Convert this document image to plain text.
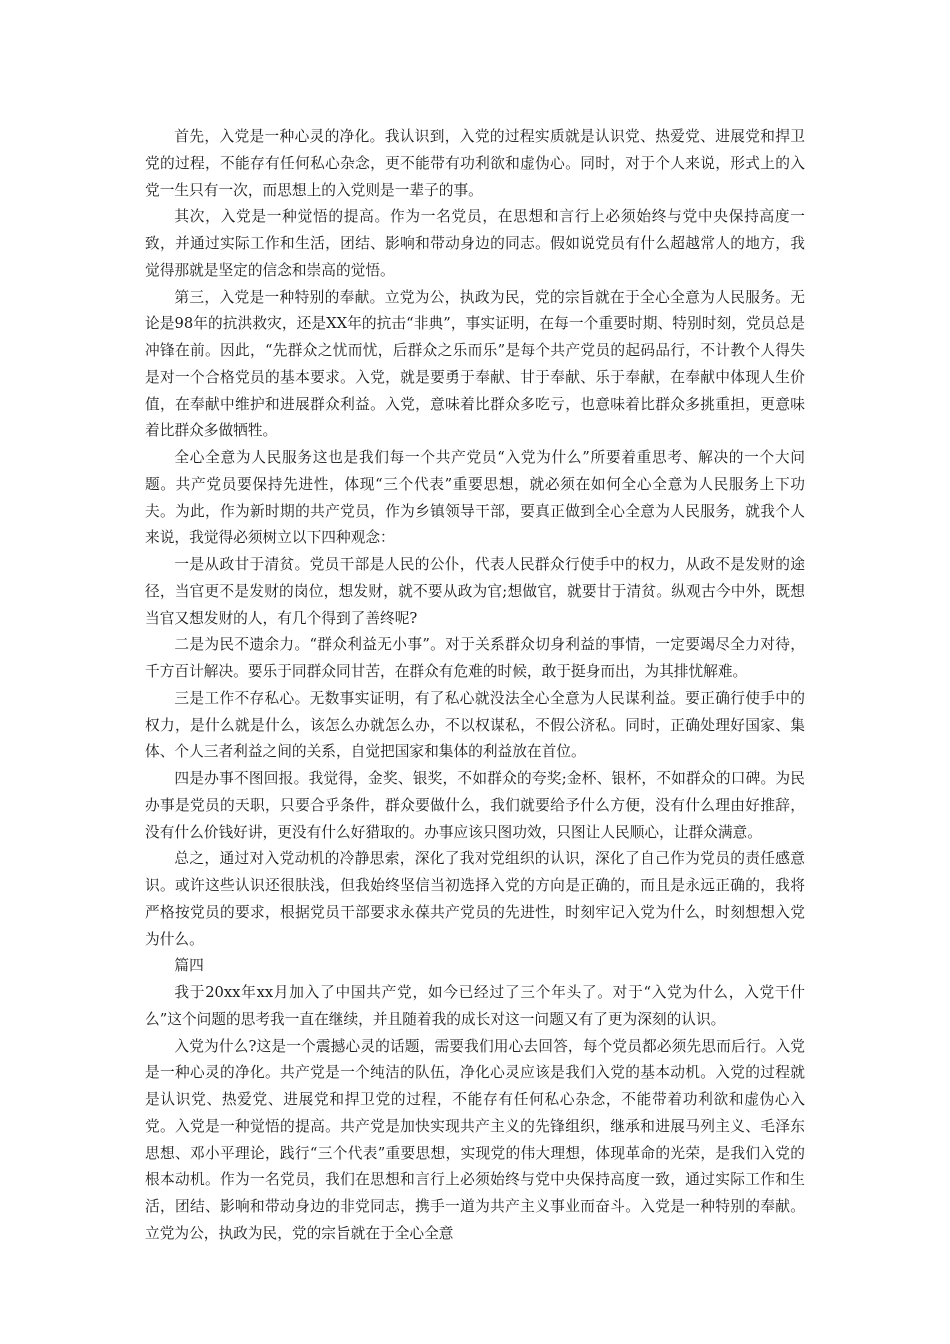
首先，入党是一种心灵的净化。我认识到，入党的过程实质就是认识党、热爱党、进展党和捍卫党的过程，不能存有任何私心杂念，更不能带有功利欲和虚伪心。同时，对于个人来说，形式上的入党一生只有一次，而思想上的入党则是一辈子的事。

其次，入党是一种觉悟的提高。作为一名党员，在思想和言行上必须始终与党中央保持高度一致，并通过实际工作和生活，团结、影响和带动身边的同志。假如说党员有什么超越常人的地方，我觉得那就是坚定的信念和崇高的觉悟。

第三，入党是一种特别的奉献。立党为公，执政为民，党的宗旨就在于全心全意为人民服务。无论是98年的抗洪救灾，还是XX年的抗击“非典”，事实证明，在每一个重要时期、特别时刻，党员总是冲锋在前。因此，“先群众之忧而忧，后群众之乐而乐”是每个共产党员的起码品行，不计教个人得失是对一个合格党员的基本要求。入党，就是要勇于奉献、甘于奉献、乐于奉献，在奉献中体现人生价值，在奉献中维护和进展群众利益。入党，意味着比群众多吃亏，也意味着比群众多挑重担，更意味着比群众多做牺牲。

全心全意为人民服务这也是我们每一个共产党员“入党为什么”所要着重思考、解决的一个大问题。共产党员要保持先进性，体现“三个代表”重要思想，就必须在如何全心全意为人民服务上下功夫。为此，作为新时期的共产党员，作为乡镇领导干部，要真正做到全心全意为人民服务，就我个人来说，我觉得必须树立以下四种观念：

一是从政甘于清贫。党员干部是人民的公仆，代表人民群众行使手中的权力，从政不是发财的途径，当官更不是发财的岗位，想发财，就不要从政为官;想做官，就要甘于清贫。纵观古今中外，既想当官又想发财的人，有几个得到了善终呢?

二是为民不遗余力。“群众利益无小事”。对于关系群众切身利益的事情，一定要竭尽全力对待，千方百计解决。要乐于同群众同甘苦，在群众有危难的时候，敢于挺身而出，为其排忧解难。

三是工作不存私心。无数事实证明，有了私心就没法全心全意为人民谋利益。要正确行使手中的权力，是什么就是什么，该怎么办就怎么办，不以权谋私，不假公济私。同时，正确处理好国家、集体、个人三者利益之间的关系，自觉把国家和集体的利益放在首位。

四是办事不图回报。我觉得，金奖、银奖，不如群众的夸奖;金杯、银杯，不如群众的口碑。为民办事是党员的天职，只要合乎条件，群众要做什么，我们就要给予什么方便，没有什么理由好推辞，没有什么价钱好讲，更没有什么好猎取的。办事应该只图功效，只图让人民顺心，让群众满意。

总之，通过对入党动机的冷静思索，深化了我对党组织的认识，深化了自己作为党员的责任感意识。或许这些认识还很肤浅，但我始终坚信当初选择入党的方向是正确的，而且是永远正确的，我将严格按党员的要求，根据党员干部要求永葆共产党员的先进性，时刻牢记入党为什么，时刻想想入党为什么。

篇四

我于20xx年xx月加入了中国共产党，如今已经过了三个年头了。对于“入党为什么，入党干什么”这个问题的思考我一直在继续，并且随着我的成长对这一问题又有了更为深刻的认识。

入党为什么?这是一个震撼心灵的话题，需要我们用心去回答，每个党员都必须先思而后行。入党是一种心灵的净化。共产党是一个纯洁的队伍，净化心灵应该是我们入党的基本动机。入党的过程就是认识党、热爱党、进展党和捍卫党的过程，不能存有任何私心杂念，不能带着功利欲和虚伪心入党。入党是一种觉悟的提高。共产党是加快实现共产主义的先锋组织，继承和进展马列主义、毛泽东思想、邓小平理论，践行“三个代表”重要思想，实现党的伟大理想，体现革命的光荣，是我们入党的根本动机。作为一名党员，我们在思想和言行上必须始终与党中央保持高度一致，通过实际工作和生活，团结、影响和带动身边的非党同志，携手一道为共产主义事业而奋斗。入党是一种特别的奉献。立党为公，执政为民，党的宗旨就在于全心全意
